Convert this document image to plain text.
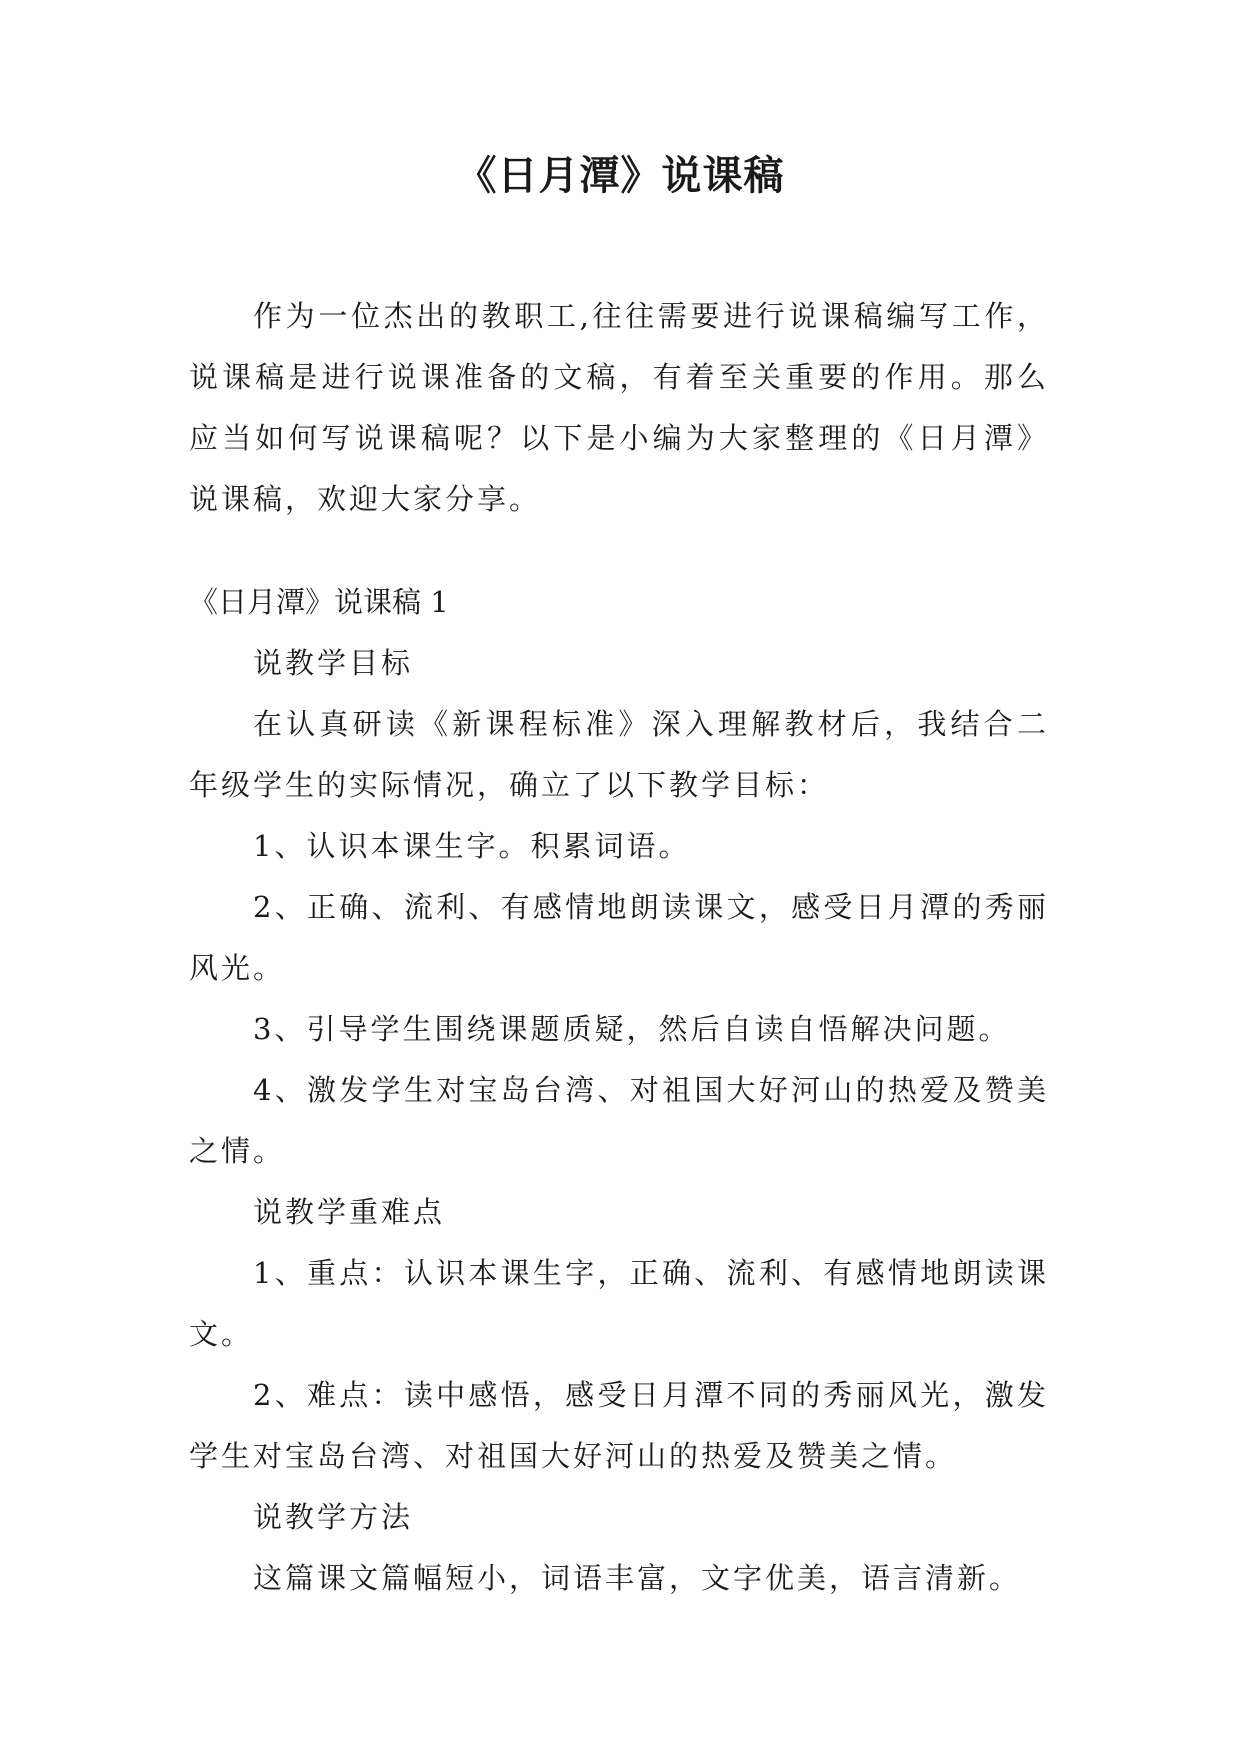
《日月潭》说课稿

作为一位杰出的教职工,往往需要进行说课稿编写工作，说课稿是进行说课准备的文稿，有着至关重要的作用。那么应当如何写说课稿呢？以下是小编为大家整理的《日月潭》说课稿，欢迎大家分享。

《日月潭》说课稿 1

说教学目标

在认真研读《新课程标准》深入理解教材后，我结合二年级学生的实际情况，确立了以下教学目标：

1、认识本课生字。积累词语。

2、正确、流利、有感情地朗读课文，感受日月潭的秀丽风光。

3、引导学生围绕课题质疑，然后自读自悟解决问题。

4、激发学生对宝岛台湾、对祖国大好河山的热爱及赞美之情。

说教学重难点

1、重点：认识本课生字，正确、流利、有感情地朗读课文。

2、难点：读中感悟，感受日月潭不同的秀丽风光，激发学生对宝岛台湾、对祖国大好河山的热爱及赞美之情。

说教学方法

这篇课文篇幅短小，词语丰富，文字优美，语言清新。
